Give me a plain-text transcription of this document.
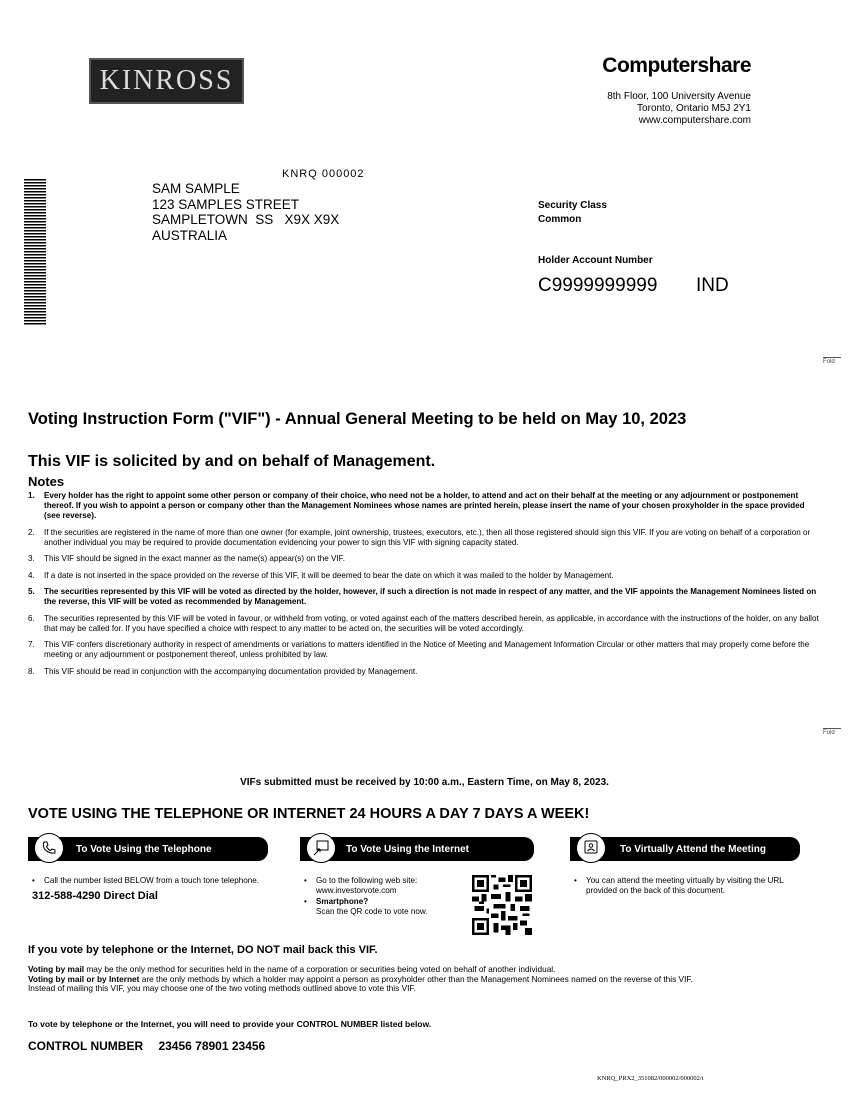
KINROSS	Computershare
8th Floor, 100 University Avenue
Toronto, Ontario M5J 2Y1
www.computershare.com
KNRQ 000002
SAM SAMPLE
123 SAMPLES STREET
SAMPLETOWN  SS   X9X X9X
AUSTRALIA
Security Class
Common
Holder Account Number
C9999999999 IND
Fold
Fold
Voting Instruction Form ("VIF") - Annual General Meeting to be held on May 10, 2023
This VIF is solicited by and on behalf of Management.
Notes
1.	Every holder has the right to appoint some other person or company of their choice, who need not be a holder, to attend and act on their behalf at the meeting or any adjournment or postponement thereof. If you wish to appoint a person or company other than the Management Nominees whose names are printed herein, please insert the name of your chosen proxyholder in the space provided (see reverse).
2.	If the securities are registered in the name of more than one owner (for example, joint ownership, trustees, executors, etc.), then all those registered should sign this VIF. If you are voting on behalf of a corporation or another individual you may be required to provide documentation evidencing your power to sign this VIF with signing capacity stated.
3.	This VIF should be signed in the exact manner as the name(s) appear(s) on the VIF.
4.	If a date is not inserted in the space provided on the reverse of this VIF, it will be deemed to bear the date on which it was mailed to the holder by Management.
5.	The securities represented by this VIF will be voted as directed by the holder, however, if such a direction is not made in respect of any matter, and the VIF appoints the Management Nominees listed on the reverse, this VIF will be voted as recommended by Management.
6.	The securities represented by this VIF will be voted in favour, or withheld from voting, or voted against each of the matters described herein, as applicable, in accordance with the instructions of the holder, on any ballot that may be called for. If you have specified a choice with respect to any matter to be acted on, the securities will be voted accordingly.
7.	This VIF confers discretionary authority in respect of amendments or variations to matters identified in the Notice of Meeting and Management Information Circular or other matters that may properly come before the meeting or any adjournment or postponement thereof, unless prohibited by law.
8.	This VIF should be read in conjunction with the accompanying documentation provided by Management.
VIFs submitted must be received by 10:00 a.m., Eastern Time, on May 8, 2023.
VOTE USING THE TELEPHONE OR INTERNET 24 HOURS A DAY 7 DAYS A WEEK!
To Vote Using the Telephone
•	Call the number listed BELOW from a touch tone telephone.
312-588-4290 Direct Dial
To Vote Using the Internet
•	Go to the following web site: www.investorvote.com
•	Smartphone?
Scan the QR code to vote now.
To Virtually Attend the Meeting
•	You can attend the meeting virtually by visiting the URL provided on the back of this document.
If you vote by telephone or the Internet, DO NOT mail back this VIF.
Voting by mail may be the only method for securities held in the name of a corporation or securities being voted on behalf of another individual.
Voting by mail or by Internet are the only methods by which a holder may appoint a person as proxyholder other than the Management Nominees named on the reverse of this VIF.
Instead of mailing this VIF, you may choose one of the two voting methods outlined above to vote this VIF.
To vote by telephone or the Internet, you will need to provide your CONTROL NUMBER listed below.
CONTROL NUMBER 23456 78901 23456
KNRQ_PRX2_351082/000002/000002/i
